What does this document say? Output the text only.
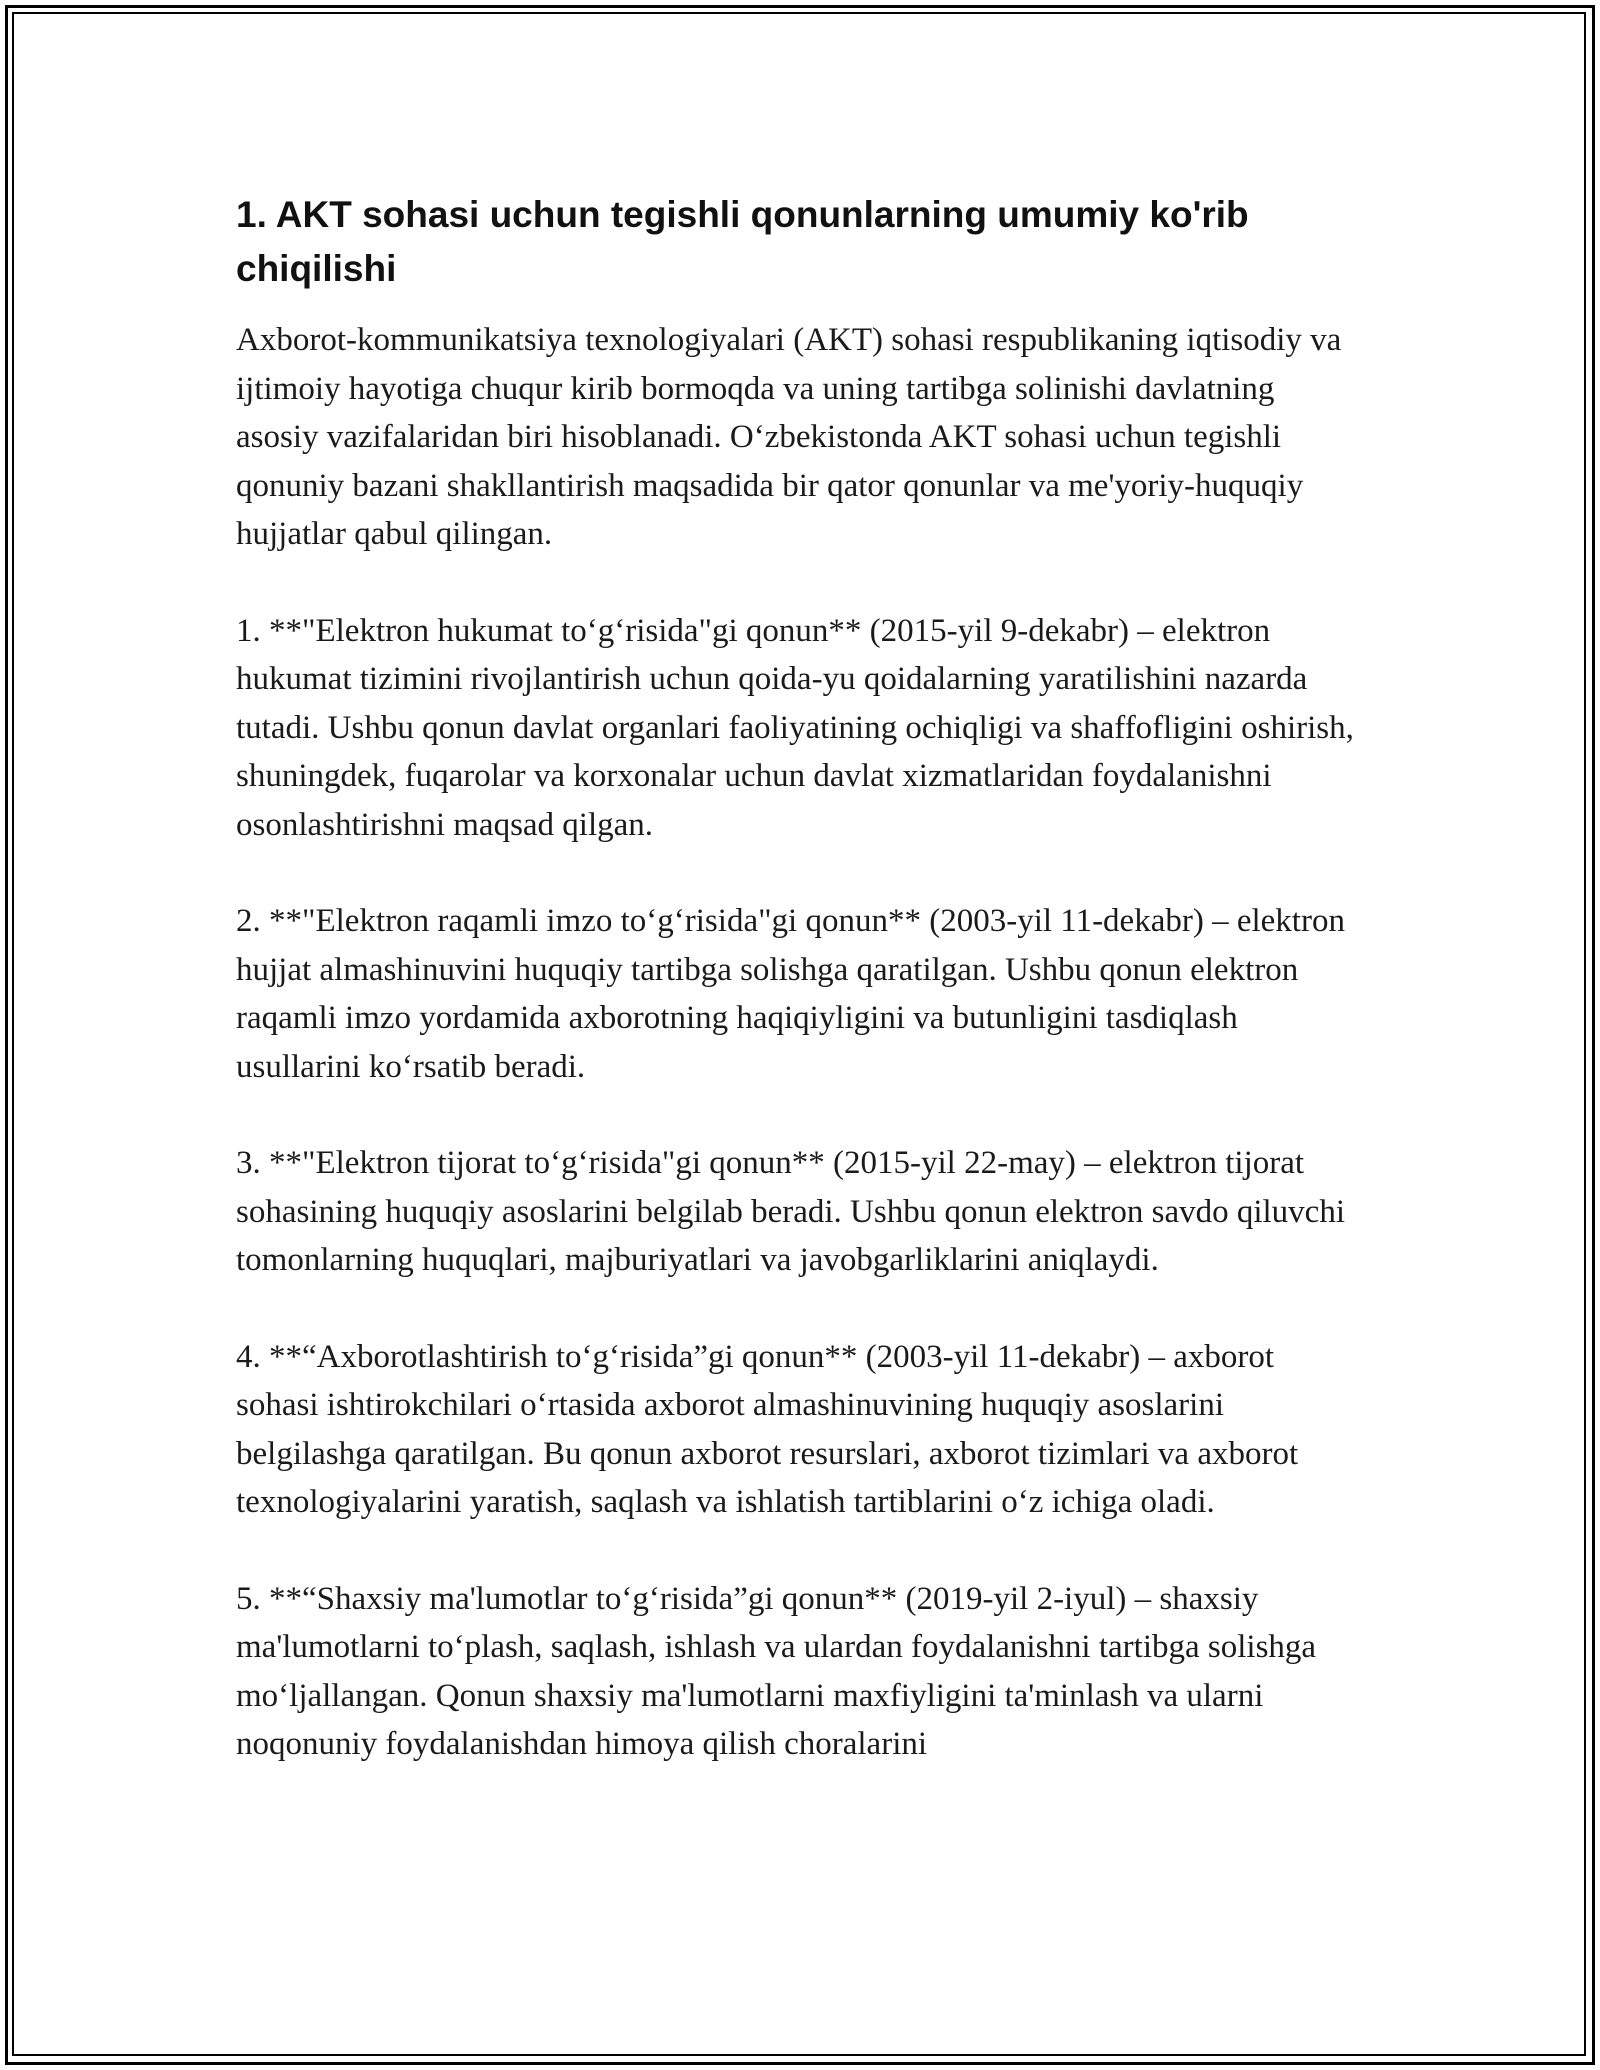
1. AKT sohasi uchun tegishli qonunlarning umumiy ko'rib chiqilishi

Axborot-kommunikatsiya texnologiyalari (AKT) sohasi respublikaning iqtisodiy va ijtimoiy hayotiga chuqur kirib bormoqda va uning tartibga solinishi davlatning asosiy vazifalaridan biri hisoblanadi. O‘zbekistonda AKT sohasi uchun tegishli qonuniy bazani shakllantirish maqsadida bir qator qonunlar va me'yoriy-huquqiy hujjatlar qabul qilingan.

1. **"Elektron hukumat to‘g‘risida"gi qonun** (2015-yil 9-dekabr) – elektron hukumat tizimini rivojlantirish uchun qoida-yu qoidalarning yaratilishini nazarda tutadi. Ushbu qonun davlat organlari faoliyatining ochiqligi va shaffofligini oshirish, shuningdek, fuqarolar va korxonalar uchun davlat xizmatlaridan foydalanishni osonlashtirishni maqsad qilgan.

2. **"Elektron raqamli imzo to‘g‘risida"gi qonun** (2003-yil 11-dekabr) – elektron hujjat almashinuvini huquqiy tartibga solishga qaratilgan. Ushbu qonun elektron raqamli imzo yordamida axborotning haqiqiyligini va butunligini tasdiqlash usullarini ko‘rsatib beradi.

3. **"Elektron tijorat to‘g‘risida"gi qonun** (2015-yil 22-may) – elektron tijorat sohasining huquqiy asoslarini belgilab beradi. Ushbu qonun elektron savdo qiluvchi tomonlarning huquqlari, majburiyatlari va javobgarliklarini aniqlaydi.

4. **“Axborotlashtirish to‘g‘risida”gi qonun** (2003-yil 11-dekabr) – axborot sohasi ishtirokchilari o‘rtasida axborot almashinuvining huquqiy asoslarini belgilashga qaratilgan. Bu qonun axborot resurslari, axborot tizimlari va axborot texnologiyalarini yaratish, saqlash va ishlatish tartiblarini o‘z ichiga oladi.

5. **“Shaxsiy ma'lumotlar to‘g‘risida”gi qonun** (2019-yil 2-iyul) – shaxsiy ma'lumotlarni to‘plash, saqlash, ishlash va ulardan foydalanishni tartibga solishga mo‘ljallangan. Qonun shaxsiy ma'lumotlarni maxfiyligini ta'minlash va ularni noqonuniy foydalanishdan himoya qilish choralarini
